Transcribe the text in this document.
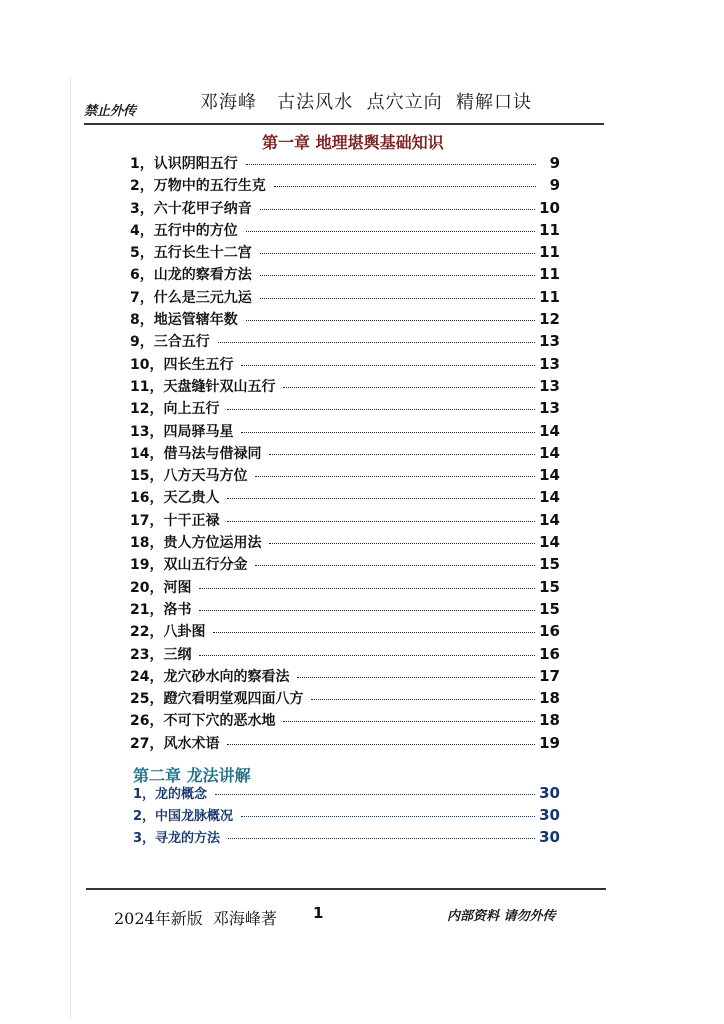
禁止外传	邓海峰   古法风水  点穴立向  精解口诀
第一章 地理堪舆基础知识
1，认识阴阳五行	9
2，万物中的五行生克	9
3，六十花甲子纳音	10
4，五行中的方位	11
5，五行长生十二宫	11
6，山龙的察看方法	11
7，什么是三元九运	11
8，地运管辖年数	12
9，三合五行	13
10，四长生五行	13
11，天盘缝针双山五行	13
12，向上五行	13
13，四局驿马星	14
14，借马法与借禄同	14
15，八方天马方位	14
16，天乙贵人	14
17，十干正禄	14
18，贵人方位运用法	14
19，双山五行分金	15
20，河图	15
21，洛书	15
22，八卦图	16
23，三纲	16
24，龙穴砂水向的察看法	17
25，蹬穴看明堂观四面八方	18
26，不可下穴的恶水地	18
27，风水术语	19
第二章 龙法讲解
1，龙的概念	30
2，中国龙脉概况	30
3，寻龙的方法	30
2024年新版  邓海峰著 1	内部资料 请勿外传
